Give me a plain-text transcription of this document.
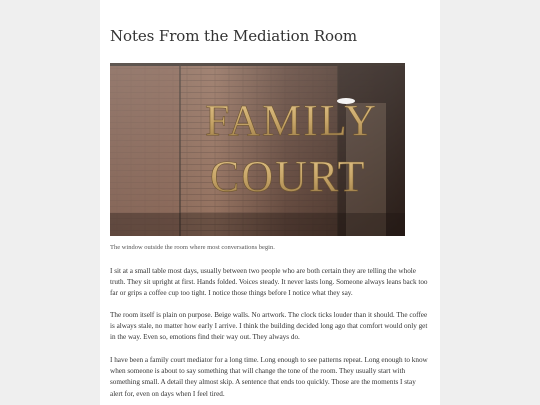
Notes From the Mediation Room
FAMILY
COURT

The window outside the room where most conversations begin.

I sit at a small table most days, usually between two people who are both certain they are telling the whole truth. They sit upright at first. Hands folded. Voices steady. It never lasts long. Someone always leans back too far or grips a coffee cup too tight. I notice those things before I notice what they say.

The room itself is plain on purpose. Beige walls. No artwork. The clock ticks louder than it should. The coffee is always stale, no matter how early I arrive. I think the building decided long ago that comfort would only get in the way. Even so, emotions find their way out. They always do.

I have been a family court mediator for a long time. Long enough to see patterns repeat. Long enough to know when someone is about to say something that will change the tone of the room. They usually start with something small. A detail they almost skip. A sentence that ends too quickly. Those are the moments I stay alert for, even on days when I feel tired.
